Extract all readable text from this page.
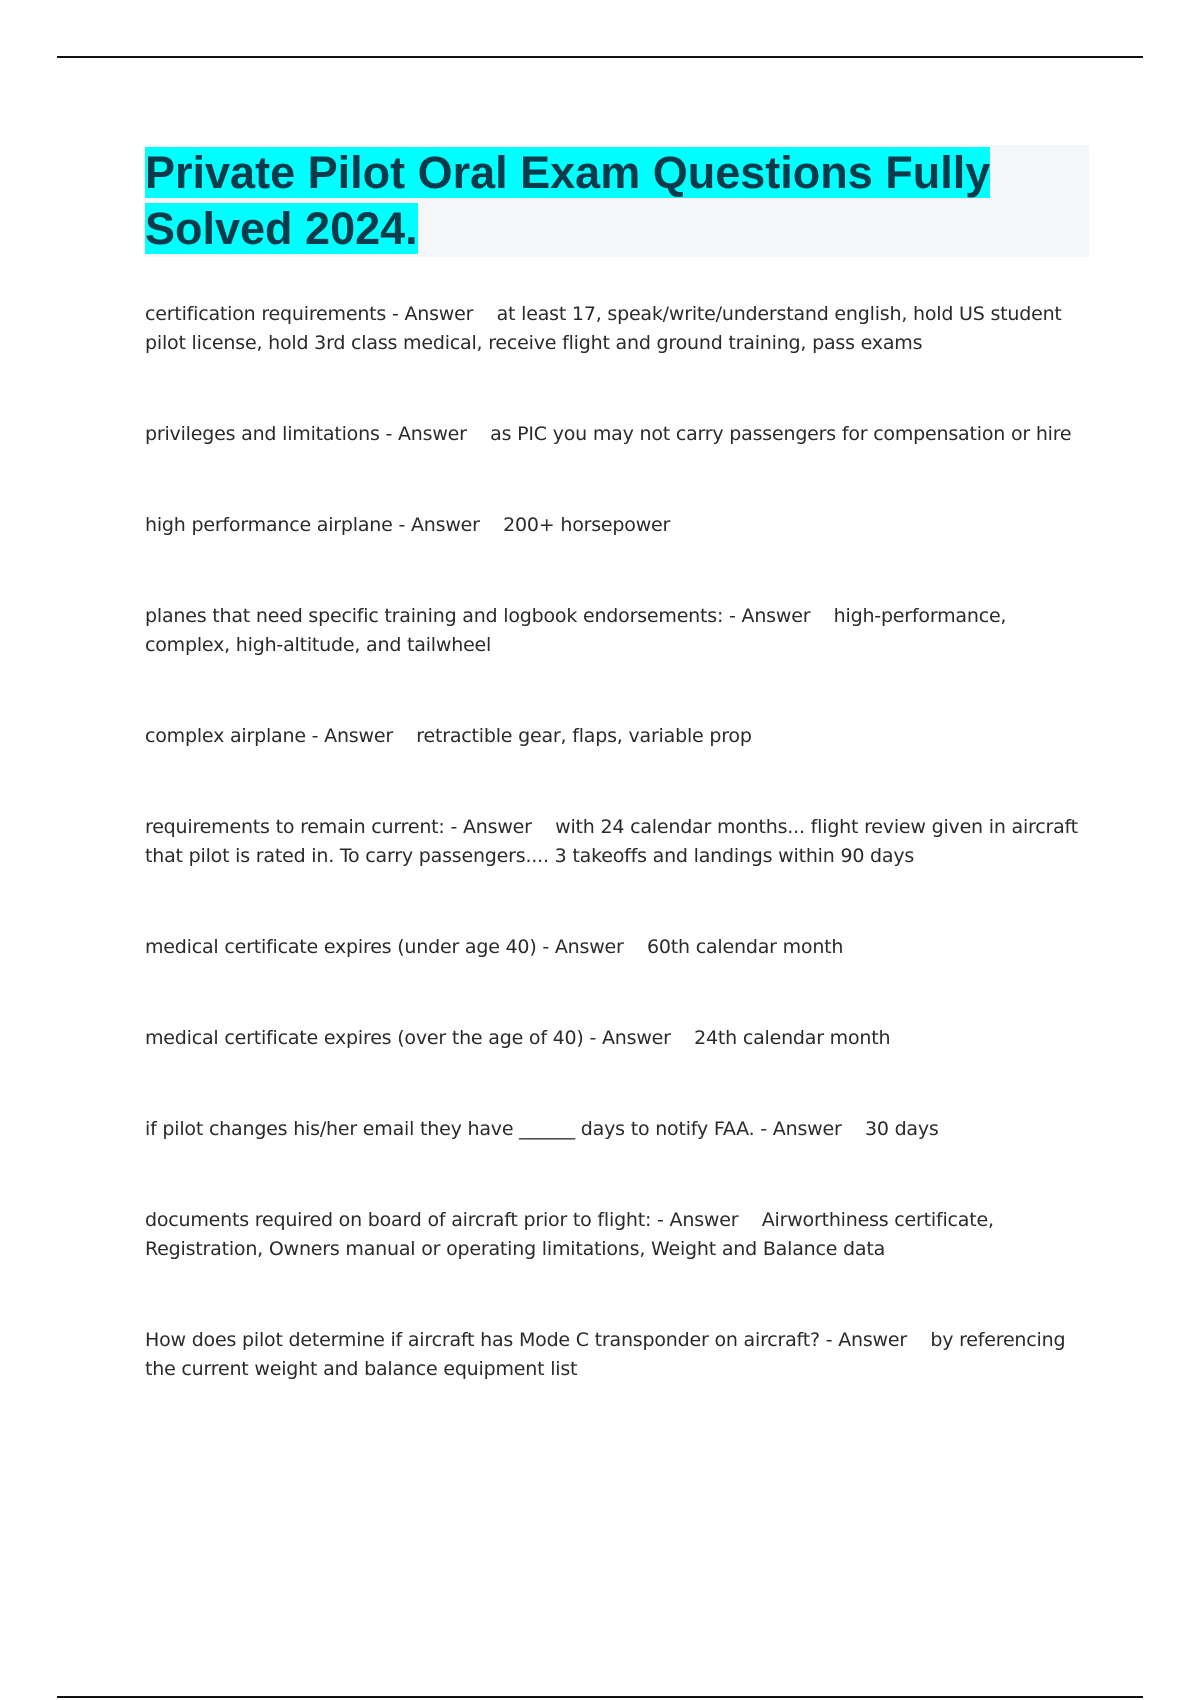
Private Pilot Oral Exam Questions Fully
Solved 2024.
certification requirements - Answer    at least 17, speak/write/understand english, hold US student pilot license, hold 3rd class medical, receive flight and ground training, pass exams
privileges and limitations - Answer    as PIC you may not carry passengers for compensation or hire
high performance airplane - Answer    200+ horsepower
planes that need specific training and logbook endorsements: - Answer    high-performance, complex, high-altitude, and tailwheel
complex airplane - Answer    retractible gear, flaps, variable prop
requirements to remain current: - Answer    with 24 calendar months... flight review given in aircraft that pilot is rated in. To carry passengers.... 3 takeoffs and landings within 90 days
medical certificate expires (under age 40) - Answer    60th calendar month
medical certificate expires (over the age of 40) - Answer    24th calendar month
if pilot changes his/her email they have ______ days to notify FAA. - Answer    30 days
documents required on board of aircraft prior to flight: - Answer    Airworthiness certificate, Registration, Owners manual or operating limitations, Weight and Balance data
How does pilot determine if aircraft has Mode C transponder on aircraft? - Answer    by referencing the current weight and balance equipment list
